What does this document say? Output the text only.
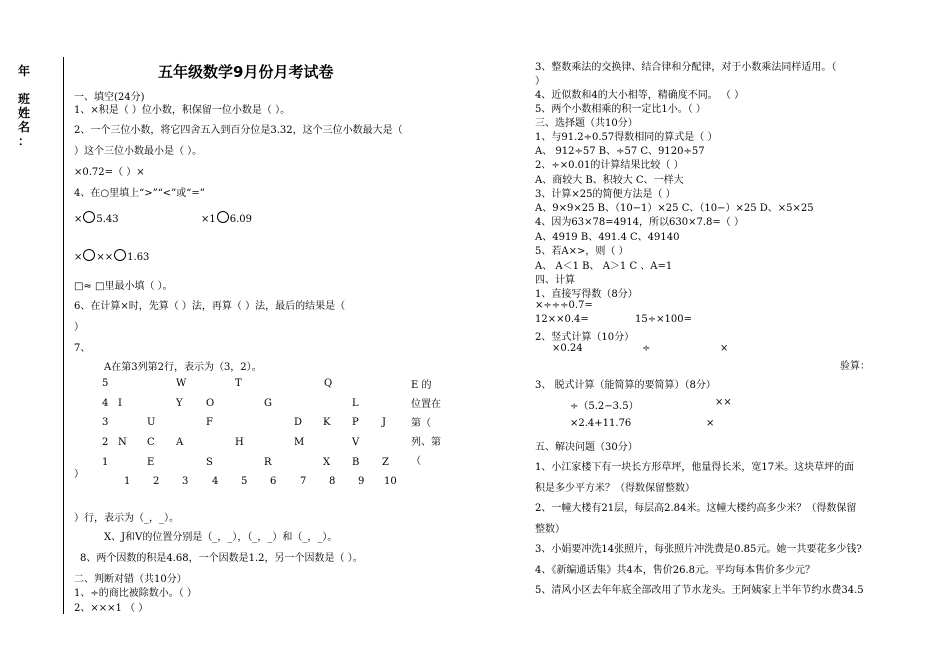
年
班
姓
名
：
五年级数学9月份月考试卷
一、填空(24分)
1、×积是（ ）位小数，积保留一位小数是（ ）。
2、一个三位小数，将它四舍五入到百分位是3.32，这个三位小数最大是（
）这个三位小数最小是（ ）。
×0.72=（ ）×
4、在○里填上“>”“<”或“=”
× 5.43	×1 6.09
× ×× 1.63
□≈ □里最小填（ ）。
6、在计算×时，先算（ ）法，再算（ ）法，最后的结果是（
）
7、
A在第3列第2行，表示为（3，2）。
5	W	T	Q
4 I	Y O	G	L
3	U	F	D K P J
2 N C A	H	M	V
1	E	S	R	X B Z
1 2 3 4 5 6 7 8 9 10
E 的位置在第（ 列、第（
）
）行，表示为（_，_）。
X、J和V的位置分别是（_，_），（_，_）和（_，_）。
8、两个因数的积是4.68，一个因数是1.2，另一个因数是（ ）。
二、判断对错（共10分）
1、÷的商比被除数小。（ ）
2、×××1 （ ）
3、整数乘法的交换律、结合律和分配律，对于小数乘法同样适用。（
）
4、近似数和4的大小相等，精确度不同。 （ ）
5、两个小数相乘的积一定比1小。（ ）
三、选择题（共10分）
1、与91.2÷0.57得数相同的算式是（ ）
A、 912÷57 B、÷57 C、9120÷57
2、÷×0.01的计算结果比较（ ）
A、商较大 B、积较大 C、一样大
3、计算×25的简便方法是（ ）
A、9×9×25 B、（10−1）×25 C、（10−）×25 D、×5×25
4、因为63×78=4914，所以630×7.8=（ ）
A、4919 B、491.4 C、49140
5、若A×>，则（ ）
A、 A＜1 B、 A＞1 C 、A=1
四、计算
1、直接写得数（8分）
×÷÷÷0.7=
12××0.4=	15÷×100=
2、竖式计算（10分）
×0.24	÷	×
验算：
3、 脱式计算（能简算的要简算）（8分）
÷（5.2−3.5）	××
×2.4+11.76	×
五、解决问题（30分）
1、小江家楼下有一块长方形草坪，他量得长米，宽17米。这块草坪的面
积是多少平方米？（得数保留整数）
2、一幢大楼有21层，每层高2.84米。这幢大楼约高多少米？（得数保留
整数）
3、小娟要冲洗14张照片，每张照片冲洗费是0.85元。她一共要花多少钱?
4、《新编通话集》共4本，售价26.8元。平均每本售价多少元？
5、清风小区去年年底全部改用了节水龙头。王阿姨家上半年节约水费34.5
